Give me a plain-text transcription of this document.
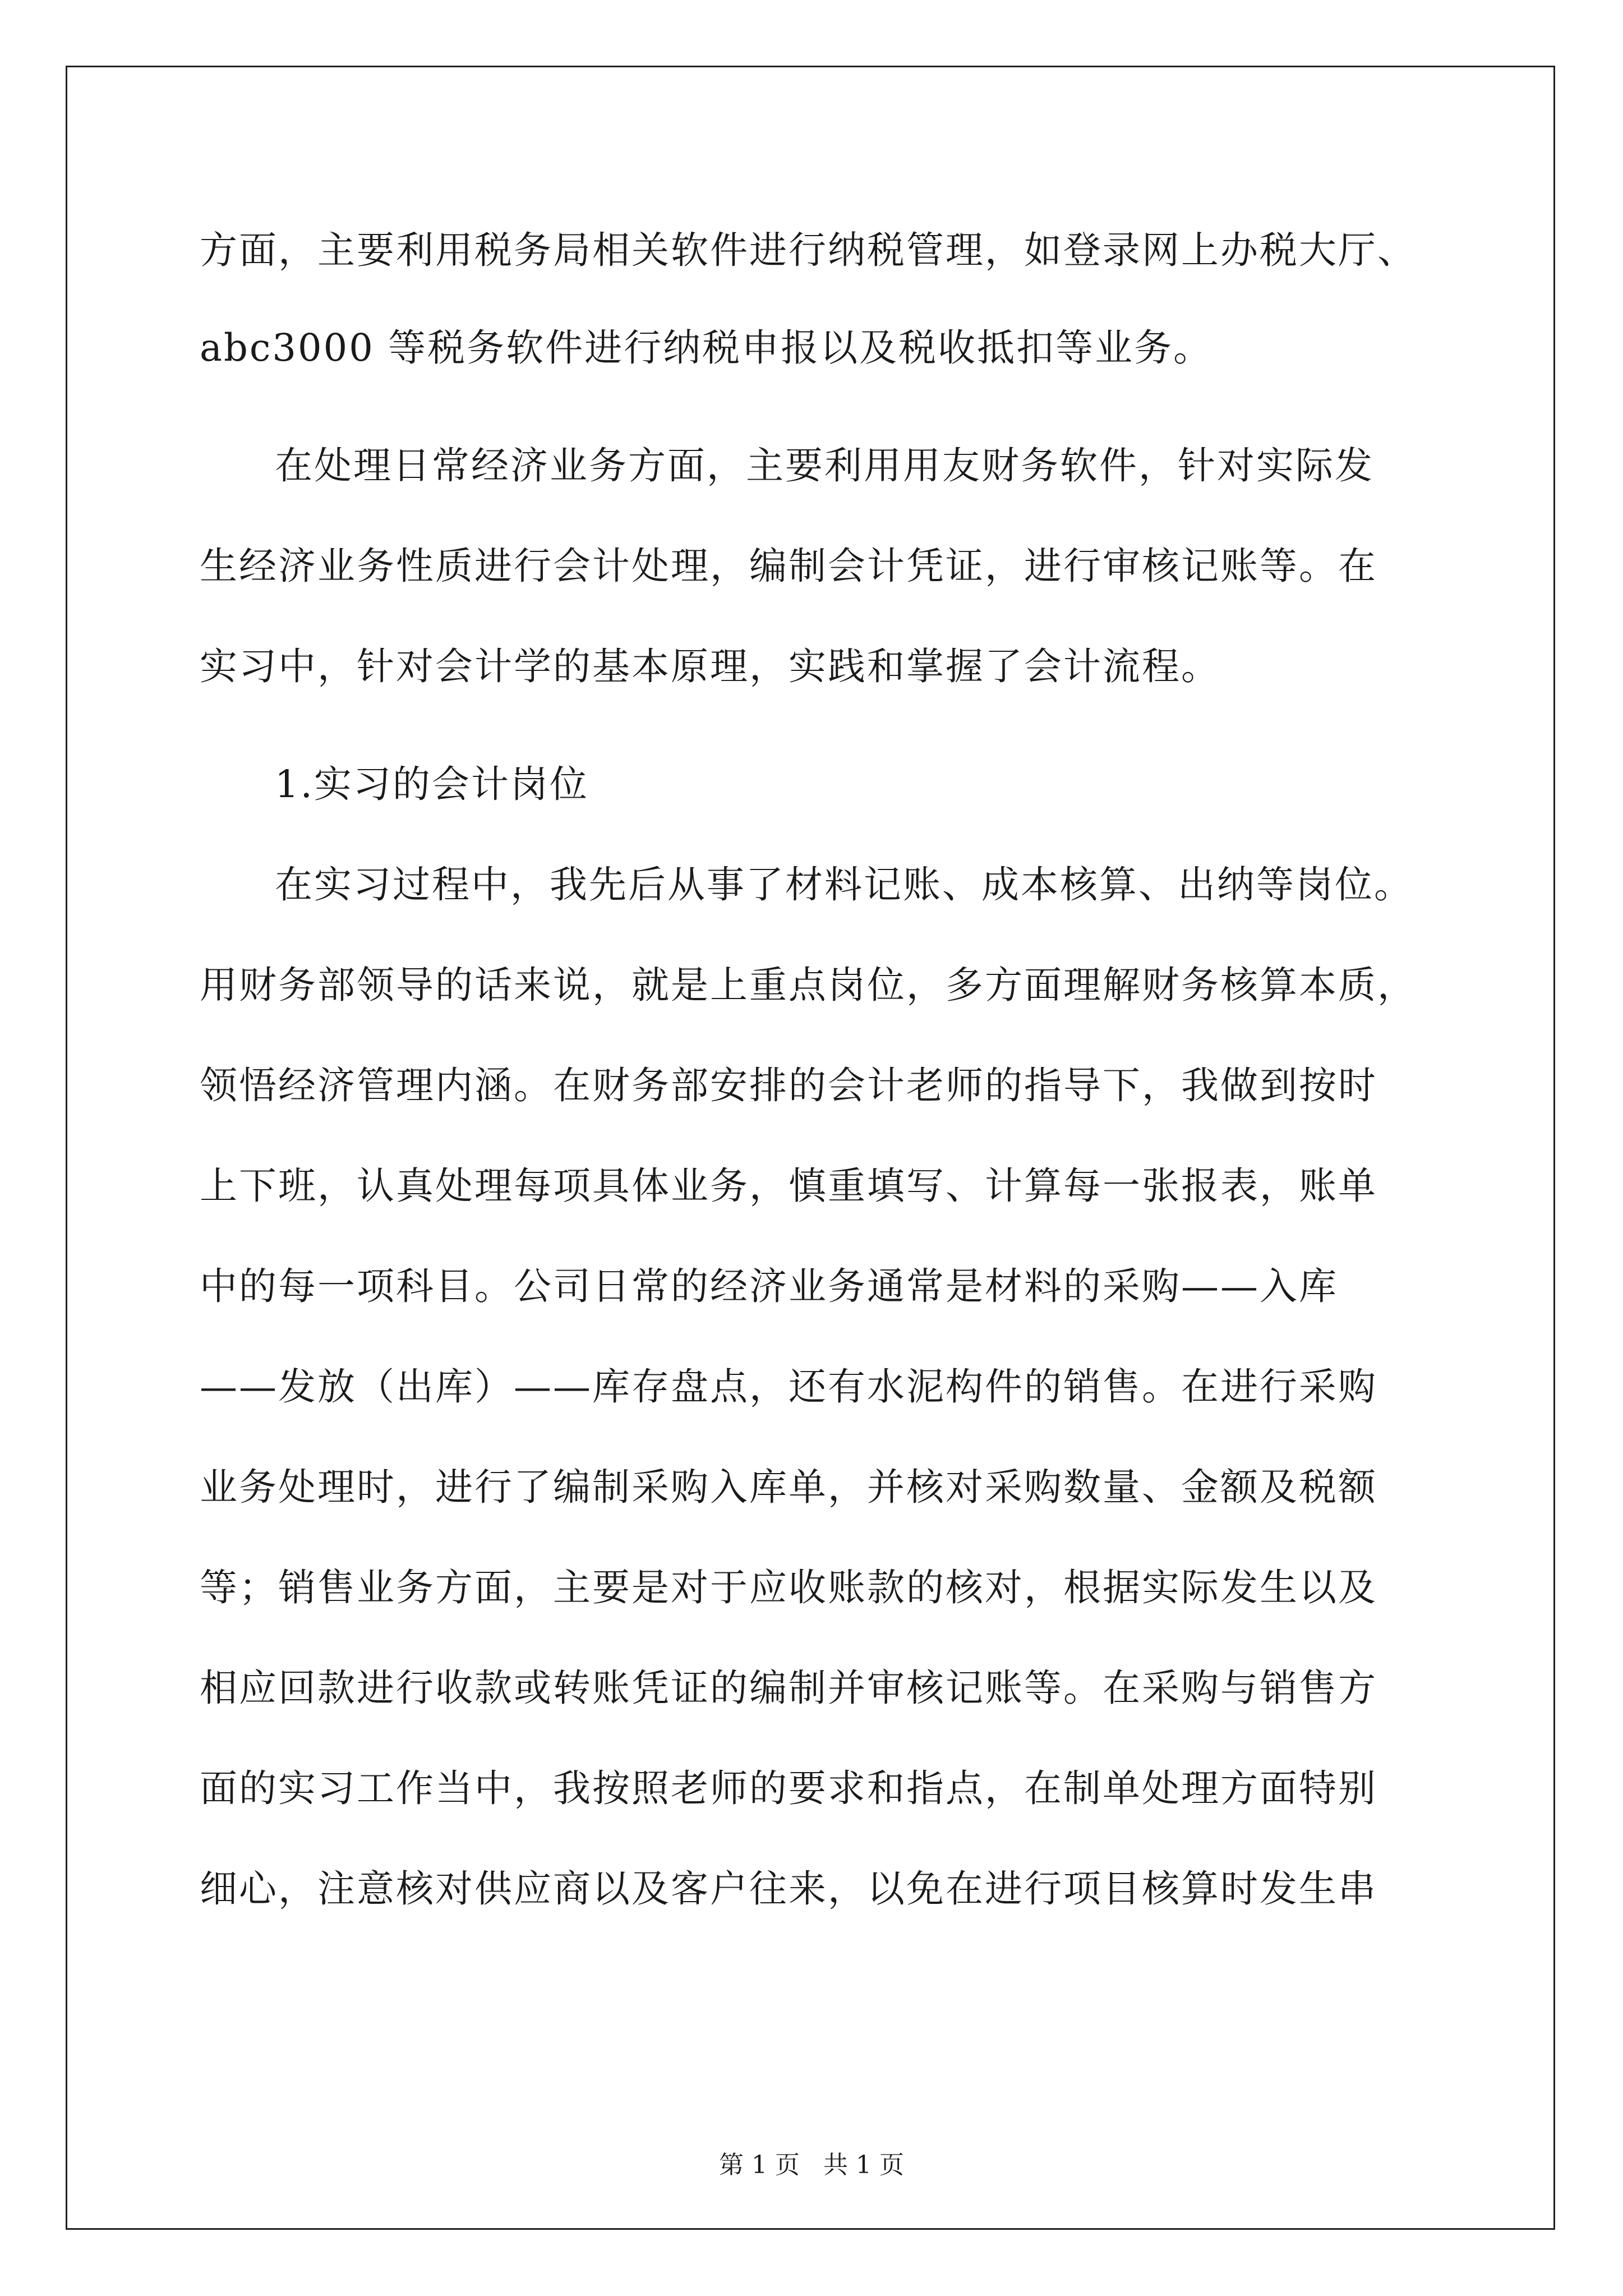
方面，主要利用税务局相关软件进行纳税管理，如登录网上办税大厅、
abc3000 等税务软件进行纳税申报以及税收抵扣等业务。
在处理日常经济业务方面，主要利用用友财务软件，针对实际发
生经济业务性质进行会计处理，编制会计凭证，进行审核记账等。在
实习中，针对会计学的基本原理，实践和掌握了会计流程。
1.实习的会计岗位
在实习过程中，我先后从事了材料记账、成本核算、出纳等岗位。
用财务部领导的话来说，就是上重点岗位，多方面理解财务核算本质，
领悟经济管理内涵。在财务部安排的会计老师的指导下，我做到按时
上下班，认真处理每项具体业务，慎重填写、计算每一张报表，账单
中的每一项科目。公司日常的经济业务通常是材料的采购——入库
——发放（出库）——库存盘点，还有水泥构件的销售。在进行采购
业务处理时，进行了编制采购入库单，并核对采购数量、金额及税额
等；销售业务方面，主要是对于应收账款的核对，根据实际发生以及
相应回款进行收款或转账凭证的编制并审核记账等。在采购与销售方
面的实习工作当中，我按照老师的要求和指点，在制单处理方面特别
细心，注意核对供应商以及客户往来，以免在进行项目核算时发生串
第 1 页   共 1 页
